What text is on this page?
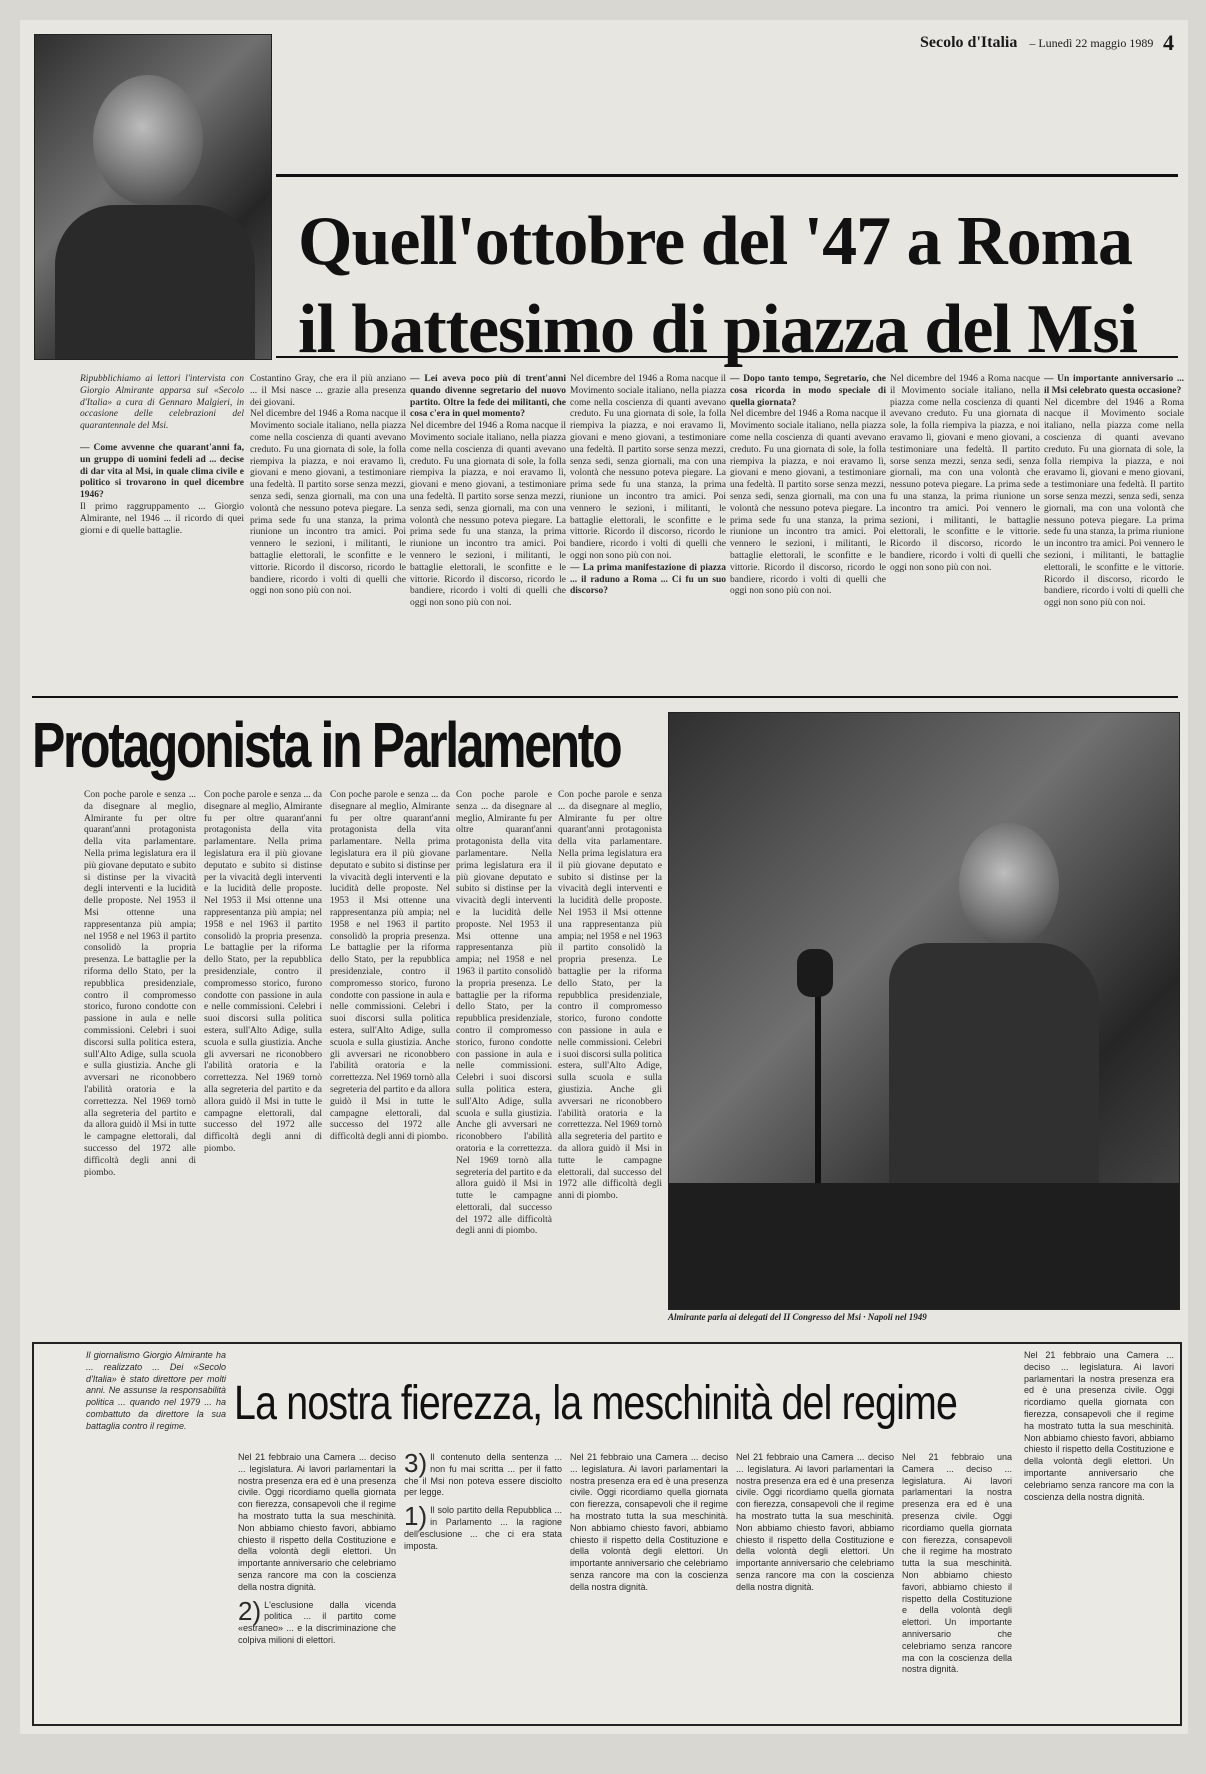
Secolo d'Italia – Lunedì 22 maggio 1989 4
Quell'ottobre del '47 a Roma
il battesimo di piazza del Msi

Ripubblichiamo ai lettori l'intervista con Giorgio Almirante apparsa sul «Secolo d'Italia» a cura di Gennaro Malgieri, in occasione delle celebrazioni del quarantennale del Msi.

— Come avvenne che quarant'anni fa, un gruppo di uomini fedeli ad ... decise di dar vita al Msi, in quale clima civile e politico si trovarono in quel dicembre 1946?

Il primo raggruppamento ... Giorgio Almirante, nel 1946 ... il ricordo di quei giorni e di quelle battaglie.

Costantino Gray, che era il più anziano ... il Msi nasce ... grazie alla presenza dei giovani.

Nel dicembre del 1946 a Roma nacque il Movimento sociale italiano, nella piazza come nella coscienza di quanti avevano creduto. Fu una giornata di sole, la folla riempiva la piazza, e noi eravamo lì, giovani e meno giovani, a testimoniare una fedeltà. Il partito sorse senza mezzi, senza sedi, senza giornali, ma con una volontà che nessuno poteva piegare. La prima sede fu una stanza, la prima riunione un incontro tra amici. Poi vennero le sezioni, i militanti, le battaglie elettorali, le sconfitte e le vittorie. Ricordo il discorso, ricordo le bandiere, ricordo i volti di quelli che oggi non sono più con noi.

— Lei aveva poco più di trent'anni quando divenne segretario del nuovo partito. Oltre la fede dei militanti, che cosa c'era in quel momento?

Nel dicembre del 1946 a Roma nacque il Movimento sociale italiano, nella piazza come nella coscienza di quanti avevano creduto. Fu una giornata di sole, la folla riempiva la piazza, e noi eravamo lì, giovani e meno giovani, a testimoniare una fedeltà. Il partito sorse senza mezzi, senza sedi, senza giornali, ma con una volontà che nessuno poteva piegare. La prima sede fu una stanza, la prima riunione un incontro tra amici. Poi vennero le sezioni, i militanti, le battaglie elettorali, le sconfitte e le vittorie. Ricordo il discorso, ricordo le bandiere, ricordo i volti di quelli che oggi non sono più con noi.

Nel dicembre del 1946 a Roma nacque il Movimento sociale italiano, nella piazza come nella coscienza di quanti avevano creduto. Fu una giornata di sole, la folla riempiva la piazza, e noi eravamo lì, giovani e meno giovani, a testimoniare una fedeltà. Il partito sorse senza mezzi, senza sedi, senza giornali, ma con una volontà che nessuno poteva piegare. La prima sede fu una stanza, la prima riunione un incontro tra amici. Poi vennero le sezioni, i militanti, le battaglie elettorali, le sconfitte e le vittorie. Ricordo il discorso, ricordo le bandiere, ricordo i volti di quelli che oggi non sono più con noi.

— La prima manifestazione di piazza ... il raduno a Roma ... Ci fu un suo discorso?

— Dopo tanto tempo, Segretario, che cosa ricorda in modo speciale di quella giornata?

Nel dicembre del 1946 a Roma nacque il Movimento sociale italiano, nella piazza come nella coscienza di quanti avevano creduto. Fu una giornata di sole, la folla riempiva la piazza, e noi eravamo lì, giovani e meno giovani, a testimoniare una fedeltà. Il partito sorse senza mezzi, senza sedi, senza giornali, ma con una volontà che nessuno poteva piegare. La prima sede fu una stanza, la prima riunione un incontro tra amici. Poi vennero le sezioni, i militanti, le battaglie elettorali, le sconfitte e le vittorie. Ricordo il discorso, ricordo le bandiere, ricordo i volti di quelli che oggi non sono più con noi.

Nel dicembre del 1946 a Roma nacque il Movimento sociale italiano, nella piazza come nella coscienza di quanti avevano creduto. Fu una giornata di sole, la folla riempiva la piazza, e noi eravamo lì, giovani e meno giovani, a testimoniare una fedeltà. Il partito sorse senza mezzi, senza sedi, senza giornali, ma con una volontà che nessuno poteva piegare. La prima sede fu una stanza, la prima riunione un incontro tra amici. Poi vennero le sezioni, i militanti, le battaglie elettorali, le sconfitte e le vittorie. Ricordo il discorso, ricordo le bandiere, ricordo i volti di quelli che oggi non sono più con noi.

— Un importante anniversario ... il Msi celebrato questa occasione?

Nel dicembre del 1946 a Roma nacque il Movimento sociale italiano, nella piazza come nella coscienza di quanti avevano creduto. Fu una giornata di sole, la folla riempiva la piazza, e noi eravamo lì, giovani e meno giovani, a testimoniare una fedeltà. Il partito sorse senza mezzi, senza sedi, senza giornali, ma con una volontà che nessuno poteva piegare. La prima sede fu una stanza, la prima riunione un incontro tra amici. Poi vennero le sezioni, i militanti, le battaglie elettorali, le sconfitte e le vittorie. Ricordo il discorso, ricordo le bandiere, ricordo i volti di quelli che oggi non sono più con noi.

Protagonista in Parlamento

Con poche parole e senza ... da disegnare al meglio, Almirante fu per oltre quarant'anni protagonista della vita parlamentare. Nella prima legislatura era il più giovane deputato e subito si distinse per la vivacità degli interventi e la lucidità delle proposte. Nel 1953 il Msi ottenne una rappresentanza più ampia; nel 1958 e nel 1963 il partito consolidò la propria presenza. Le battaglie per la riforma dello Stato, per la repubblica presidenziale, contro il compromesso storico, furono condotte con passione in aula e nelle commissioni. Celebri i suoi discorsi sulla politica estera, sull'Alto Adige, sulla scuola e sulla giustizia. Anche gli avversari ne riconobbero l'abilità oratoria e la correttezza. Nel 1969 tornò alla segreteria del partito e da allora guidò il Msi in tutte le campagne elettorali, dal successo del 1972 alle difficoltà degli anni di piombo.

Con poche parole e senza ... da disegnare al meglio, Almirante fu per oltre quarant'anni protagonista della vita parlamentare. Nella prima legislatura era il più giovane deputato e subito si distinse per la vivacità degli interventi e la lucidità delle proposte. Nel 1953 il Msi ottenne una rappresentanza più ampia; nel 1958 e nel 1963 il partito consolidò la propria presenza. Le battaglie per la riforma dello Stato, per la repubblica presidenziale, contro il compromesso storico, furono condotte con passione in aula e nelle commissioni. Celebri i suoi discorsi sulla politica estera, sull'Alto Adige, sulla scuola e sulla giustizia. Anche gli avversari ne riconobbero l'abilità oratoria e la correttezza. Nel 1969 tornò alla segreteria del partito e da allora guidò il Msi in tutte le campagne elettorali, dal successo del 1972 alle difficoltà degli anni di piombo.

Con poche parole e senza ... da disegnare al meglio, Almirante fu per oltre quarant'anni protagonista della vita parlamentare. Nella prima legislatura era il più giovane deputato e subito si distinse per la vivacità degli interventi e la lucidità delle proposte. Nel 1953 il Msi ottenne una rappresentanza più ampia; nel 1958 e nel 1963 il partito consolidò la propria presenza. Le battaglie per la riforma dello Stato, per la repubblica presidenziale, contro il compromesso storico, furono condotte con passione in aula e nelle commissioni. Celebri i suoi discorsi sulla politica estera, sull'Alto Adige, sulla scuola e sulla giustizia. Anche gli avversari ne riconobbero l'abilità oratoria e la correttezza. Nel 1969 tornò alla segreteria del partito e da allora guidò il Msi in tutte le campagne elettorali, dal successo del 1972 alle difficoltà degli anni di piombo.

Con poche parole e senza ... da disegnare al meglio, Almirante fu per oltre quarant'anni protagonista della vita parlamentare. Nella prima legislatura era il più giovane deputato e subito si distinse per la vivacità degli interventi e la lucidità delle proposte. Nel 1953 il Msi ottenne una rappresentanza più ampia; nel 1958 e nel 1963 il partito consolidò la propria presenza. Le battaglie per la riforma dello Stato, per la repubblica presidenziale, contro il compromesso storico, furono condotte con passione in aula e nelle commissioni. Celebri i suoi discorsi sulla politica estera, sull'Alto Adige, sulla scuola e sulla giustizia. Anche gli avversari ne riconobbero l'abilità oratoria e la correttezza. Nel 1969 tornò alla segreteria del partito e da allora guidò il Msi in tutte le campagne elettorali, dal successo del 1972 alle difficoltà degli anni di piombo.

Con poche parole e senza ... da disegnare al meglio, Almirante fu per oltre quarant'anni protagonista della vita parlamentare. Nella prima legislatura era il più giovane deputato e subito si distinse per la vivacità degli interventi e la lucidità delle proposte. Nel 1953 il Msi ottenne una rappresentanza più ampia; nel 1958 e nel 1963 il partito consolidò la propria presenza. Le battaglie per la riforma dello Stato, per la repubblica presidenziale, contro il compromesso storico, furono condotte con passione in aula e nelle commissioni. Celebri i suoi discorsi sulla politica estera, sull'Alto Adige, sulla scuola e sulla giustizia. Anche gli avversari ne riconobbero l'abilità oratoria e la correttezza. Nel 1969 tornò alla segreteria del partito e da allora guidò il Msi in tutte le campagne elettorali, dal successo del 1972 alle difficoltà degli anni di piombo.

Almirante parla ai delegati del II Congresso del Msi · Napoli nel 1949
La nostra fierezza, la meschinità del regime

Il giornalismo Giorgio Almirante ha ... realizzato ... Dei «Secolo d'Italia» è stato direttore per molti anni. Ne assunse la responsabilità politica ... quando nel 1979 ... ha combattuto da direttore la sua battaglia contro il regime.

Nel 21 febbraio una Camera ... deciso ... legislatura. Ai lavori parlamentari la nostra presenza era ed è una presenza civile. Oggi ricordiamo quella giornata con fierezza, consapevoli che il regime ha mostrato tutta la sua meschinità. Non abbiamo chiesto favori, abbiamo chiesto il rispetto della Costituzione e della volontà degli elettori. Un importante anniversario che celebriamo senza rancore ma con la coscienza della nostra dignità.

2) L'esclusione dalla vicenda politica ... il partito come «estraneo» ... e la discriminazione che colpiva milioni di elettori.

3) Il contenuto della sentenza ... non fu mai scritta ... per il fatto che il Msi non poteva essere disciolto per legge.

1) Il solo partito della Repubblica ... in Parlamento ... la ragione dell'esclusione ... che ci era stata imposta.

Nel 21 febbraio una Camera ... deciso ... legislatura. Ai lavori parlamentari la nostra presenza era ed è una presenza civile. Oggi ricordiamo quella giornata con fierezza, consapevoli che il regime ha mostrato tutta la sua meschinità. Non abbiamo chiesto favori, abbiamo chiesto il rispetto della Costituzione e della volontà degli elettori. Un importante anniversario che celebriamo senza rancore ma con la coscienza della nostra dignità.

Nel 21 febbraio una Camera ... deciso ... legislatura. Ai lavori parlamentari la nostra presenza era ed è una presenza civile. Oggi ricordiamo quella giornata con fierezza, consapevoli che il regime ha mostrato tutta la sua meschinità. Non abbiamo chiesto favori, abbiamo chiesto il rispetto della Costituzione e della volontà degli elettori. Un importante anniversario che celebriamo senza rancore ma con la coscienza della nostra dignità.

Nel 21 febbraio una Camera ... deciso ... legislatura. Ai lavori parlamentari la nostra presenza era ed è una presenza civile. Oggi ricordiamo quella giornata con fierezza, consapevoli che il regime ha mostrato tutta la sua meschinità. Non abbiamo chiesto favori, abbiamo chiesto il rispetto della Costituzione e della volontà degli elettori. Un importante anniversario che celebriamo senza rancore ma con la coscienza della nostra dignità.

Nel 21 febbraio una Camera ... deciso ... legislatura. Ai lavori parlamentari la nostra presenza era ed è una presenza civile. Oggi ricordiamo quella giornata con fierezza, consapevoli che il regime ha mostrato tutta la sua meschinità. Non abbiamo chiesto favori, abbiamo chiesto il rispetto della Costituzione e della volontà degli elettori. Un importante anniversario che celebriamo senza rancore ma con la coscienza della nostra dignità.
